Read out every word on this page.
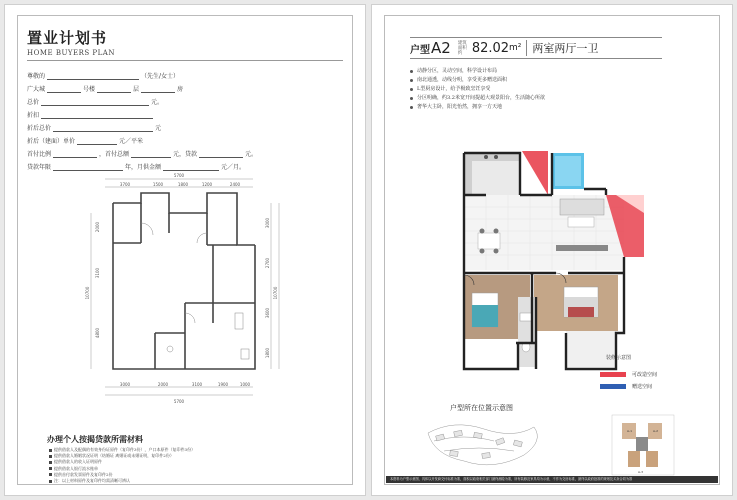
置业计划书
HOME BUYERS PLAN
尊敬的	（先生/女士）
广大城	号楼	层	房
总价	元。
折扣
折后总价	元
折后（建面）单价	元／平米
首付比例	，首付总额	元，贷款	元。
贷款年限	年，月供金额	元／月。
5700
3700	1500	1800	1200	2400
3000	2000	3100	1900	1000
5700
2000
3100
4800
10700
3000
2700
3600
1800
10700
办理个人按揭贷款所需材料
提供借款人及配偶的有效身份证原件（复印件3份），户口本原件（复印件3份）
提供借款人婚姻状况证明（结婚证 离婚证或未婚证明，复印件2份）
提供借款人的收入证明原件
提供借款人银行流水账单
提供首付款发票原件及复印件2份
注：以上材料原件及复印件均需清晰可辨认
户型 A2 建筑面积约 82.02 m² 两室两厅一卫
动静分区，灵动空间，科学设计布局
南北通透，动线分明，享受更多赠送面积
L型厨房设计，给予极致烹饪享受
分区明确，约3.2米宽开间提超大观景阳台，生活随心所欲
奢华大主卧，阳光怡然，拥享一方天地
装修示意图
可改造空间
赠送空间
户型所在位置示意图
A-1	A-2
A-3
本资料为户型示意图，具体以开发商交付标准为准，面积以政府相关部门最终测绘为准，所有装修及家具均为示意，不作为交房标准，最终以政府批准的规划及买卖合同为准
